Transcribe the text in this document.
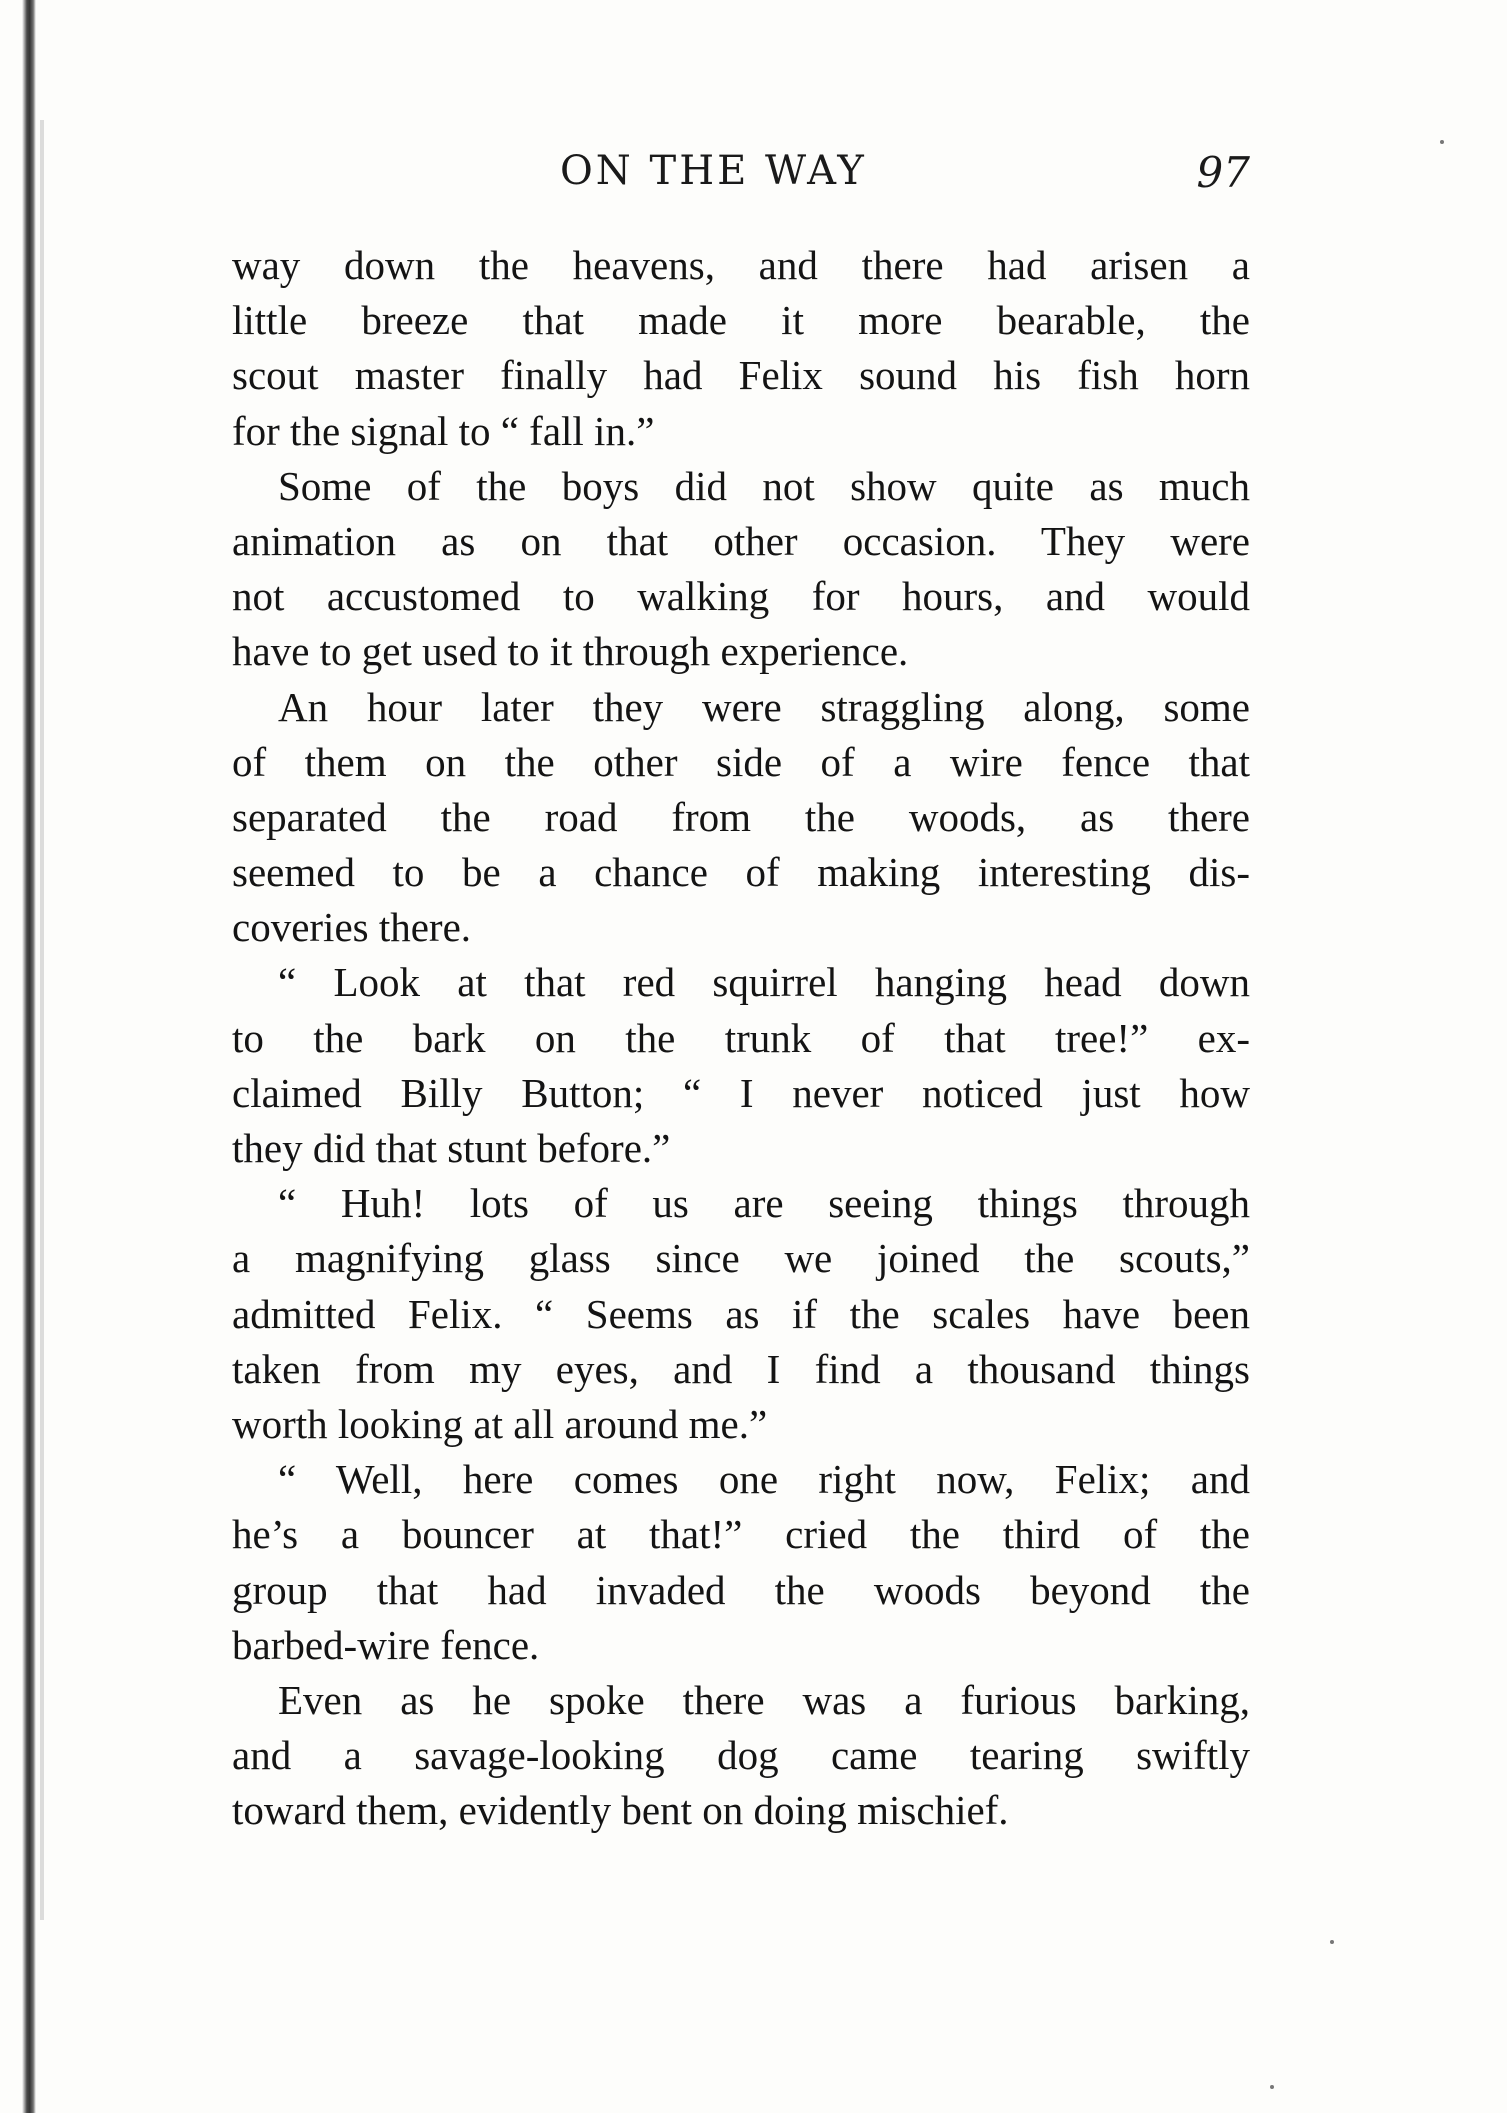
ON THE WAY	97
way down the heavens, and there had arisen a
little breeze that made it more bearable, the
scout master finally had Felix sound his fish horn
for the signal to “ fall in.”
Some of the boys did not show quite as much
animation as on that other occasion. They were
not accustomed to walking for hours, and would
have to get used to it through experience.
An hour later they were straggling along, some
of them on the other side of a wire fence that
separated the road from the woods, as there
seemed to be a chance of making interesting dis-
coveries there.
“ Look at that red squirrel hanging head down
to the bark on the trunk of that tree!” ex-
claimed Billy Button; “ I never noticed just how
they did that stunt before.”
“ Huh! lots of us are seeing things through
a magnifying glass since we joined the scouts,”
admitted Felix. “ Seems as if the scales have been
taken from my eyes, and I find a thousand things
worth looking at all around me.”
“ Well, here comes one right now, Felix; and
he’s a bouncer at that!” cried the third of the
group that had invaded the woods beyond the
barbed-wire fence.
Even as he spoke there was a furious barking,
and a savage-looking dog came tearing swiftly
toward them, evidently bent on doing mischief.
